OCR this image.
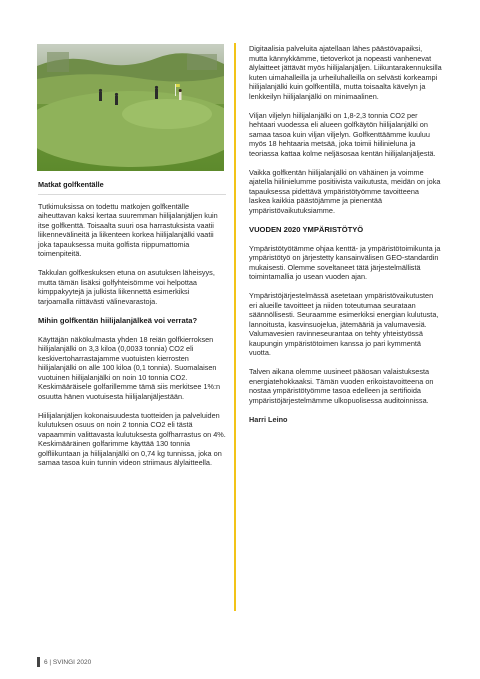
Matkat golfkentälle

Tutkimuksissa on todettu matkojen golfkentälle aiheuttavan kaksi kertaa suuremman hiilijalanjäljen kuin itse golfkenttä. Toisaalta suuri osa harrastuksista vaatii liikennevälineitä ja liikenteen korkea hiilijalanjälki vaatii joka tapauksessa muita golfista riippumattomia toimenpiteitä.

Takkulan golfkeskuksen etuna on asutuksen läheisyys, mutta tämän lisäksi golfyhteisömme voi helpottaa kimppakyytejä ja julkista liikennettä esimerkiksi tarjoamalla riittävästi välinevarastoja.

Mihin golfkentän hiilijalanjälkeä voi verrata?

Käyttäjän näkökulmasta yhden 18 reiän golfkierroksen hiilijalanjälki on 3,3 kiloa (0,0033 tonnia) CO2 eli keskivertoharrastajamme vuotuisten kierrosten hiilijalanjälki on alle 100 kiloa (0,1 tonnia). Suomalaisen vuotuinen hiilijalanjälki on noin 10 tonnia CO2. Keskimääräisele golfarillemme tämä siis merkitsee 1%:n osuutta hänen vuotuisesta hiilijalanjäljestään.

Hiilijalanjäljen kokonaisuudesta tuotteiden ja palveluiden kulutuksen osuus on noin 2 tonnia CO2 eli tästä vapaammin valittavasta kulutuksesta golfharrastus on 4%. Keskimääräinen golfarimme käyttää 130 tonnia golfliikuntaan ja hiilijalanjälki on 0,74 kg tunnissa, joka on samaa tasoa kuin tunnin videon striimaus älylaitteella.

Digitaalisia palveluita ajatellaan lähes päästövapaiksi, mutta kännykkämme, tietoverkot ja nopeasti vanhenevat älylaitteet jättävät myös hiilijalanjäljen. Liikuntarakennuksilla kuten uimahalleilla ja urheiluhalleilla on selvästi korkeampi hiilijalanjälki kuin golfkentillä, mutta toisaalta kävelyn ja lenkkeilyn hiilijalanjälki on minimaalinen.

Viljan viljelyn hiilijalanjälki on 1,8-2,3 tonnia CO2 per hehtaari vuodessa eli alueen golfkäytön hiilijalanjälki on samaa tasoa kuin viljan viljelyn. Golfkenttäämme kuuluu myös 18 hehtaaria metsää, joka toimii hiilinieluna ja teoriassa kattaa kolme neljäsosaa kentän hiilijalanjäljestä.

Vaikka golfkentän hiilijalanjälki on vähäinen ja voimme ajatella hiilinielumme positiivista vaikutusta, meidän on joka tapauksessa pidettävä ympäristötyömme tavoitteena laskea kaikkia päästöjämme ja pienentää ympäristövaikutuksiamme.

VUODEN 2020 YMPÄRISTÖTYÖ

Ympäristötyötämme ohjaa kenttä- ja ympäristötoimikunta ja ympäristötyö on järjestetty kansainvälisen GEO-standardin mukaisesti. Olemme soveltaneet tätä järjestelmällistä toimintamallia jo usean vuoden ajan.

Ympäristöjärjestelmässä asetetaan ympäristövaikutusten eri alueille tavoitteet ja niiden toteutumaa seurataan säännöllisesti. Seuraamme esimerkiksi energian kulutusta, lannoitusta, kasvinsuojelua, jätemääriä ja valumavesiä. Valumavesien ravinneseurantaa on tehty yhteistyössä kaupungin ympäristötoimen kanssa jo pari kymmentä vuotta.

Talven aikana olemme uusineet pääosan valaistuksesta energiatehokkaaksi. Tämän vuoden erikoistavoitteena on nostaa ympäristötyömme tasoa edelleen ja sertifioida ympäristöjärjestelmämme ulkopuolisessa auditoinnissa.

Harri Leino
6 | SVINGI 2020
